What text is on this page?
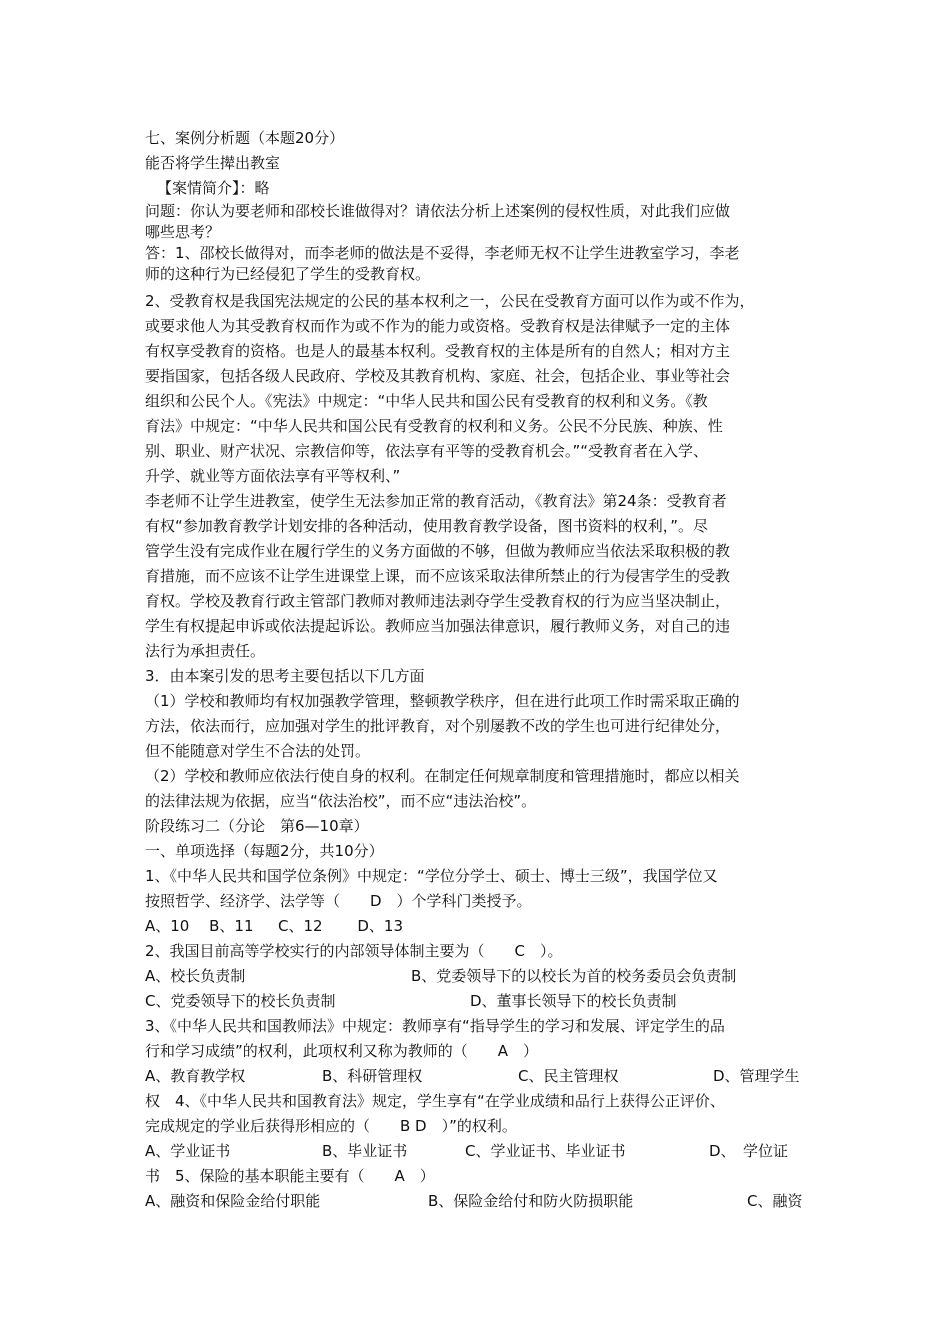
七、案例分析题（本题20分）
能否将学生撵出教室
【案情简介】：略
问题：你认为要老师和邵校长谁做得对？请依法分析上述案例的侵权性质，对此我们应做
哪些思考？
答：1、邵校长做得对，而李老师的做法是不妥得，李老师无权不让学生进教室学习，李老
师的这种行为已经侵犯了学生的受教育权。
2、受教育权是我国宪法规定的公民的基本权利之一，公民在受教育方面可以作为或不作为，
或要求他人为其受教育权而作为或不作为的能力或资格。受教育权是法律赋予一定的主体
有权享受教育的资格。也是人的最基本权利。受教育权的主体是所有的自然人；相对方主
要指国家，包括各级人民政府、学校及其教育机构、家庭、社会，包括企业、事业等社会
组织和公民个人。《宪法》中规定：“中华人民共和国公民有受教育的权利和义务。《教
育法》中规定：“中华人民共和国公民有受教育的权利和义务。公民不分民族、种族、性
别、职业、财产状况、宗教信仰等，依法享有平等的受教育机会。”“受教育者在入学、
升学、就业等方面依法享有平等权利、”
李老师不让学生进教室，使学生无法参加正常的教育活动，《教育法》第24条：受教育者
有权“参加教育教学计划安排的各种活动，使用教育教学设备，图书资料的权利，”。尽
管学生没有完成作业在履行学生的义务方面做的不够，但做为教师应当依法采取积极的教
育措施，而不应该不让学生进课堂上课，而不应该采取法律所禁止的行为侵害学生的受教
育权。学校及教育行政主管部门教师对教师违法剥夺学生受教育权的行为应当坚决制止，
学生有权提起申诉或依法提起诉讼。教师应当加强法律意识，履行教师义务，对自己的违
法行为承担责任。
3．由本案引发的思考主要包括以下几方面
（1）学校和教师均有权加强教学管理，整顿教学秩序，但在进行此项工作时需采取正确的
方法，依法而行，应加强对学生的批评教育，对个别屡教不改的学生也可进行纪律处分，
但不能随意对学生不合法的处罚。
（2）学校和教师应依法行使自身的权利。在制定任何规章制度和管理措施时，都应以相关
的法律法规为依据，应当“依法治校”，而不应“违法治校”。
阶段练习二（分论　第6—10章）
一、单项选择（每题2分，共10分）
1、《中华人民共和国学位条例》中规定：“学位分学士、硕士、博士三级”，我国学位又
按照哲学、经济学、法学等（　　D　）个学科门类授予。
A、10　 B、11 　 C、12 　　D、13
2、我国目前高等学校实行的内部领导体制主要为（　　C　）。
A、校长负责制	B、党委领导下的以校长为首的校务委员会负责制
C、党委领导下的校长负责制	D、董事长领导下的校长负责制
3、《中华人民共和国教师法》中规定：教师享有“指导学生的学习和发展、评定学生的品
行和学习成绩”的权利，此项权利又称为教师的（　　A　）
A、教育教学权	B、科研管理权	C、民主管理权	D、管理学生
权　4、《中华人民共和国教育法》规定，学生享有“在学业成绩和品行上获得公正评价、
完成规定的学业后获得形相应的（　　B D　）”的权利。
A、学业证书	B、毕业证书	C、学业证书、毕业证书	D、　学位证
书　5、保险的基本职能主要有（　　A　）
A、融资和保险金给付职能	B、保险金给付和防火防损职能	C、融资
